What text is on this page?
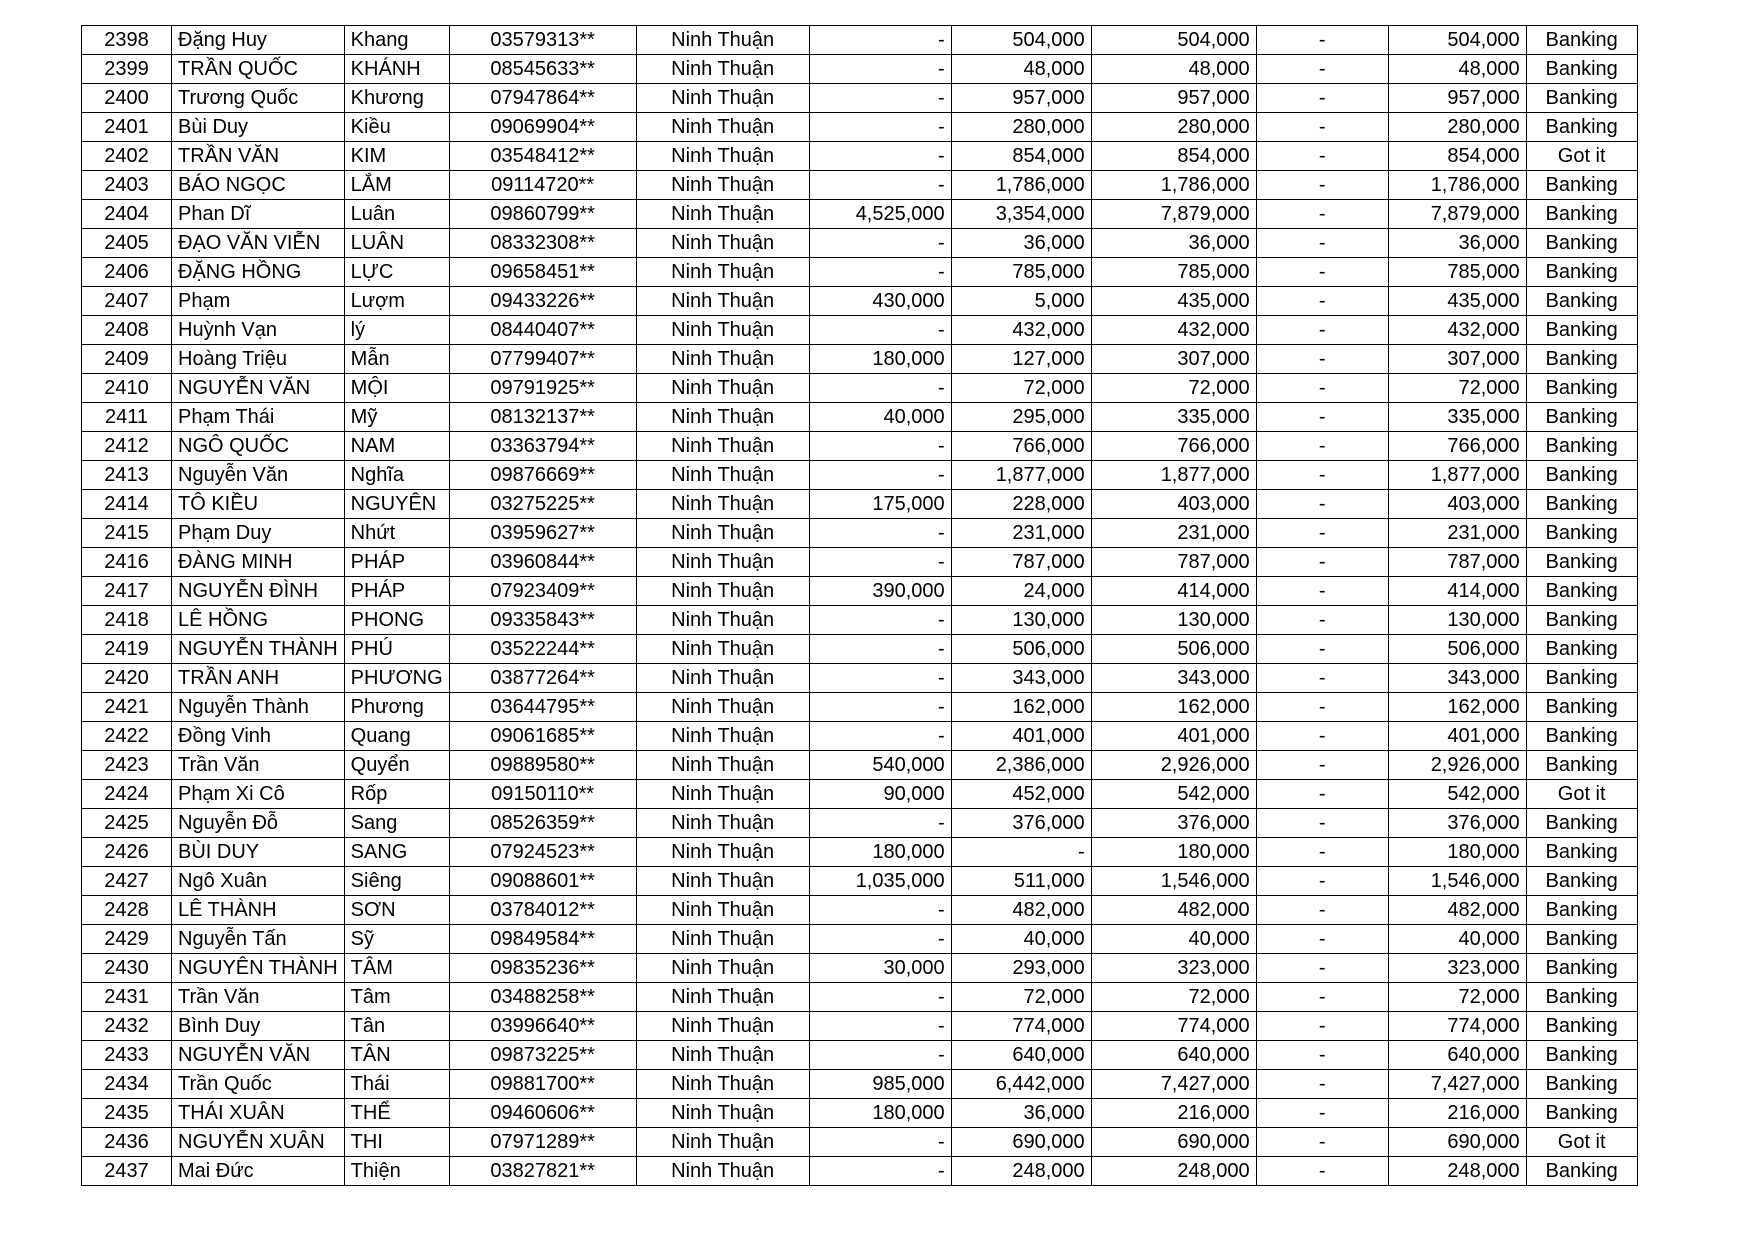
2398	Đặng Huy	Khang	03579313**	Ninh Thuận	-	504,000	504,000	-	504,000	Banking
2399	TRẦN QUỐC	KHÁNH	08545633**	Ninh Thuận	-	48,000	48,000	-	48,000	Banking
2400	Trương Quốc	Khương	07947864**	Ninh Thuận	-	957,000	957,000	-	957,000	Banking
2401	Bùi Duy	Kiều	09069904**	Ninh Thuận	-	280,000	280,000	-	280,000	Banking
2402	TRẦN VĂN	KIM	03548412**	Ninh Thuận	-	854,000	854,000	-	854,000	Got it
2403	BÁO NGỌC	LẮM	09114720**	Ninh Thuận	-	1,786,000	1,786,000	-	1,786,000	Banking
2404	Phan Dĩ	Luân	09860799**	Ninh Thuận	4,525,000	3,354,000	7,879,000	-	7,879,000	Banking
2405	ĐẠO VĂN VIỄN	LUÂN	08332308**	Ninh Thuận	-	36,000	36,000	-	36,000	Banking
2406	ĐẶNG HỒNG	LỰC	09658451**	Ninh Thuận	-	785,000	785,000	-	785,000	Banking
2407	Phạm	Lượm	09433226**	Ninh Thuận	430,000	5,000	435,000	-	435,000	Banking
2408	Huỳnh Vạn	lý	08440407**	Ninh Thuận	-	432,000	432,000	-	432,000	Banking
2409	Hoàng Triệu	Mẫn	07799407**	Ninh Thuận	180,000	127,000	307,000	-	307,000	Banking
2410	NGUYỄN VĂN	MỘI	09791925**	Ninh Thuận	-	72,000	72,000	-	72,000	Banking
2411	Phạm Thái	Mỹ	08132137**	Ninh Thuận	40,000	295,000	335,000	-	335,000	Banking
2412	NGÔ QUỐC	NAM	03363794**	Ninh Thuận	-	766,000	766,000	-	766,000	Banking
2413	Nguyễn Văn	Nghĩa	09876669**	Ninh Thuận	-	1,877,000	1,877,000	-	1,877,000	Banking
2414	TÔ KIỀU	NGUYÊN	03275225**	Ninh Thuận	175,000	228,000	403,000	-	403,000	Banking
2415	Phạm Duy	Nhứt	03959627**	Ninh Thuận	-	231,000	231,000	-	231,000	Banking
2416	ĐÀNG MINH	PHÁP	03960844**	Ninh Thuận	-	787,000	787,000	-	787,000	Banking
2417	NGUYỄN ĐÌNH	PHÁP	07923409**	Ninh Thuận	390,000	24,000	414,000	-	414,000	Banking
2418	LÊ HỒNG	PHONG	09335843**	Ninh Thuận	-	130,000	130,000	-	130,000	Banking
2419	NGUYỄN THÀNH	PHÚ	03522244**	Ninh Thuận	-	506,000	506,000	-	506,000	Banking
2420	TRẦN ANH	PHƯƠNG	03877264**	Ninh Thuận	-	343,000	343,000	-	343,000	Banking
2421	Nguyễn Thành	Phương	03644795**	Ninh Thuận	-	162,000	162,000	-	162,000	Banking
2422	Đồng Vinh	Quang	09061685**	Ninh Thuận	-	401,000	401,000	-	401,000	Banking
2423	Trần Văn	Quyển	09889580**	Ninh Thuận	540,000	2,386,000	2,926,000	-	2,926,000	Banking
2424	Phạm Xi Cô	Rốp	09150110**	Ninh Thuận	90,000	452,000	542,000	-	542,000	Got it
2425	Nguyễn Đỗ	Sang	08526359**	Ninh Thuận	-	376,000	376,000	-	376,000	Banking
2426	BÙI DUY	SANG	07924523**	Ninh Thuận	180,000	-	180,000	-	180,000	Banking
2427	Ngô Xuân	Siêng	09088601**	Ninh Thuận	1,035,000	511,000	1,546,000	-	1,546,000	Banking
2428	LÊ THÀNH	SƠN	03784012**	Ninh Thuận	-	482,000	482,000	-	482,000	Banking
2429	Nguyễn Tấn	Sỹ	09849584**	Ninh Thuận	-	40,000	40,000	-	40,000	Banking
2430	NGUYÊN THÀNH	TÂM	09835236**	Ninh Thuận	30,000	293,000	323,000	-	323,000	Banking
2431	Trần Văn	Tâm	03488258**	Ninh Thuận	-	72,000	72,000	-	72,000	Banking
2432	Bình Duy	Tân	03996640**	Ninh Thuận	-	774,000	774,000	-	774,000	Banking
2433	NGUYỄN VĂN	TÂN	09873225**	Ninh Thuận	-	640,000	640,000	-	640,000	Banking
2434	Trần Quốc	Thái	09881700**	Ninh Thuận	985,000	6,442,000	7,427,000	-	7,427,000	Banking
2435	THÁI XUÂN	THỂ	09460606**	Ninh Thuận	180,000	36,000	216,000	-	216,000	Banking
2436	NGUYỄN XUÂN	THI	07971289**	Ninh Thuận	-	690,000	690,000	-	690,000	Got it
2437	Mai Đức	Thiện	03827821**	Ninh Thuận	-	248,000	248,000	-	248,000	Banking
